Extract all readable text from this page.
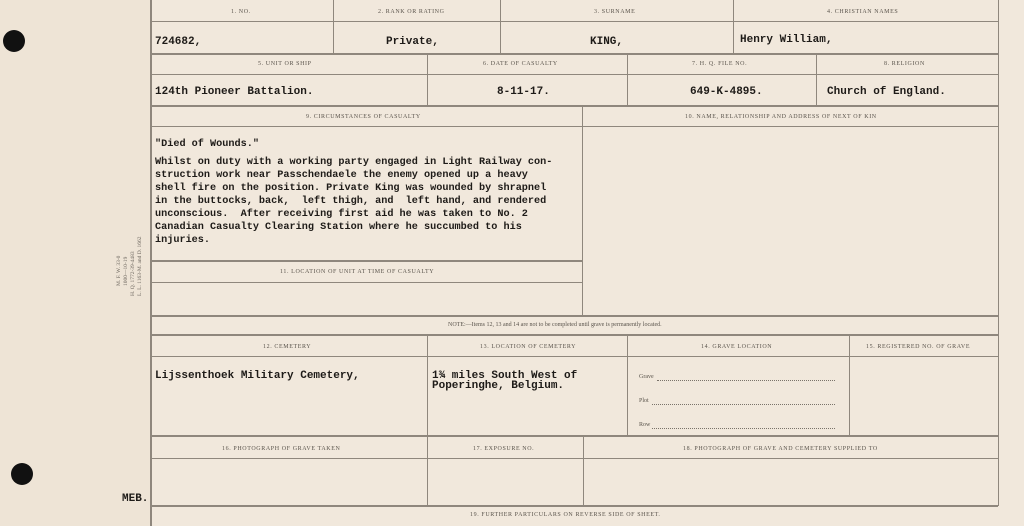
M. F. W. 33-0 1000—10-19 H. Q. 1772-39-4483 L. L. 1163-M. and D. 1662
1. NO.	2. RANK OR RATING	3. SURNAME	4. CHRISTIAN NAMES
724682,	Private,	KING,	Henry William,
5. UNIT OR SHIP	6. DATE OF CASUALTY	7. H. Q. FILE NO.	8. RELIGION
124th Pioneer Battalion.	8-11-17.	649-K-4895.	Church of England.
9. CIRCUMSTANCES OF CASUALTY	10. NAME, RELATIONSHIP AND ADDRESS OF NEXT OF KIN
"Died of Wounds."
Whilst on duty with a working party engaged in Light Railway con-
struction work near Passchendaele the enemy opened up a heavy
shell fire on the position. Private King was wounded by shrapnel
in the buttocks, back,  left thigh, and  left hand, and rendered
unconscious.  After receiving first aid he was taken to No. 2
Canadian Casualty Clearing Station where he succumbed to his
injuries.
11. LOCATION OF UNIT AT TIME OF CASUALTY
NOTE:—Items 12, 13 and 14 are not to be completed until grave is permanently located.
12. CEMETERY	13. LOCATION OF CEMETERY	14. GRAVE LOCATION	15. REGISTERED NO. OF GRAVE
Lijssenthoek Military Cemetery,	1¾ miles South West of
Poperinghe, Belgium.
Grave
Plot
Row
16. PHOTOGRAPH OF GRAVE TAKEN	17. EXPOSURE NO.	18. PHOTOGRAPH OF GRAVE AND CEMETERY SUPPLIED TO
MEB.
19. FURTHER PARTICULARS ON REVERSE SIDE OF SHEET.
